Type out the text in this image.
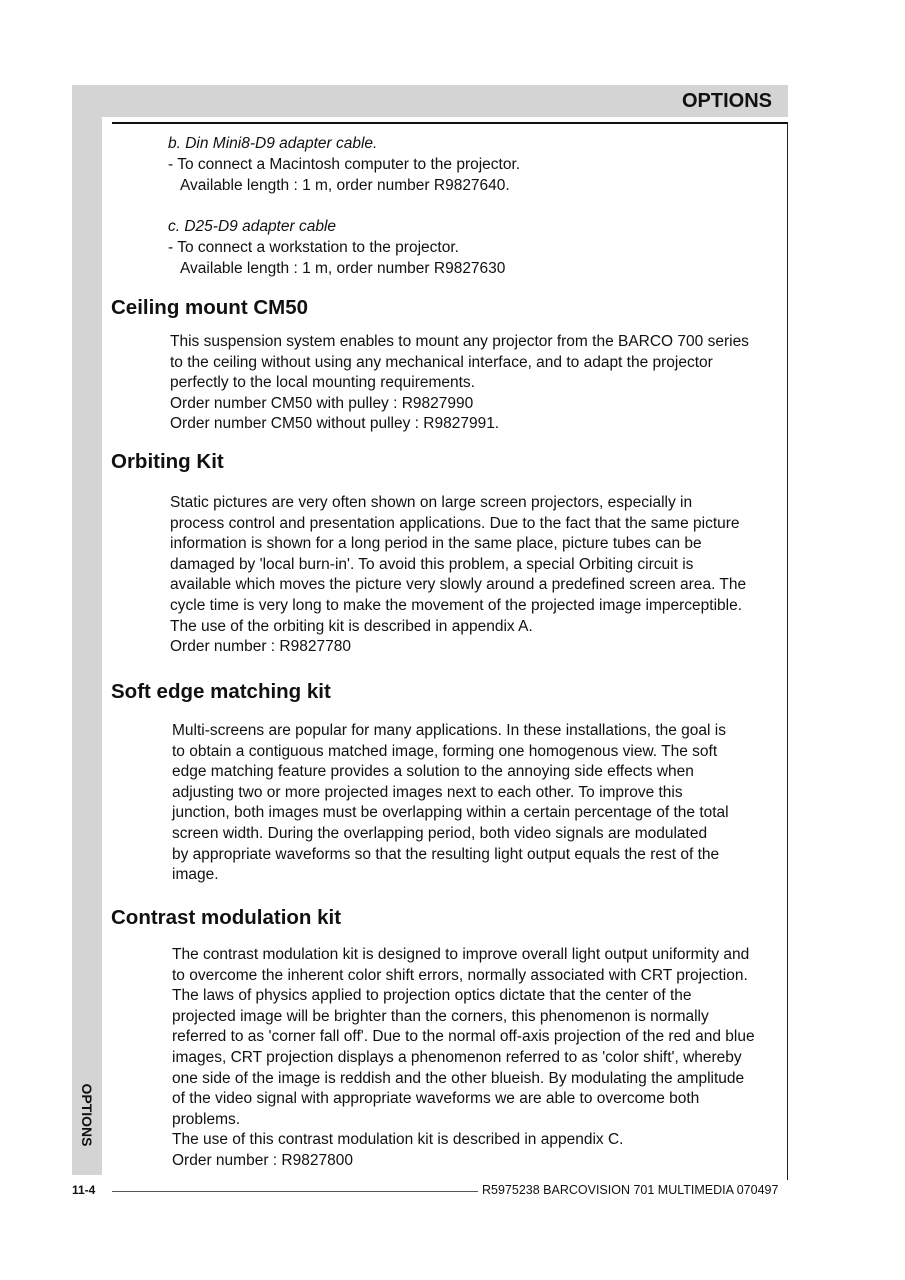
OPTIONS
OPTIONS
b. Din Mini8-D9 adapter cable.
- To connect a Macintosh computer to the projector.
Available length : 1 m, order number R9827640.
c. D25-D9 adapter cable
- To connect a workstation to the projector.
Available length : 1 m, order number R9827630
Ceiling mount CM50
This suspension system enables to mount any projector from the BARCO 700 series
to the ceiling without using any mechanical interface, and to adapt the projector
perfectly to the local mounting requirements.
Order number CM50 with pulley : R9827990
Order number CM50 without pulley : R9827991.
Orbiting Kit
Static pictures are very often shown on large screen projectors, especially in
process control and presentation applications. Due to the fact that the same picture
information is shown for a long period in the same place, picture tubes can be
damaged by 'local burn-in'. To avoid this problem, a special Orbiting circuit is
available which moves the picture very slowly around a predefined screen area. The
cycle time is very long to make the movement of the projected image imperceptible.
The use of the orbiting kit is described in appendix A.
Order number : R9827780
Soft edge matching kit
Multi-screens are popular for many applications. In these installations, the goal is
to obtain a contiguous matched image, forming one homogenous view. The soft
edge matching feature provides a solution to the annoying side effects when
adjusting two or more projected images next to each other. To improve this
junction, both images must be overlapping within a certain percentage of the total
screen width. During the overlapping period, both video signals are modulated
by appropriate waveforms so that the resulting light output equals the rest of the
image.
Contrast modulation kit
The contrast modulation kit is designed to improve overall light output uniformity and
to overcome the inherent color shift errors, normally associated with CRT projection.
The laws of physics applied to projection optics dictate that the center of the
projected image will be brighter than the corners, this phenomenon is normally
referred to as 'corner fall off'. Due to the normal off-axis projection of the red and blue
images, CRT projection displays a phenomenon referred to as 'color shift', whereby
one side of the image is reddish and the other blueish. By modulating the amplitude
of the video signal with appropriate waveforms we are able to overcome both
problems.
The use of this contrast modulation kit is described in appendix C.
Order number : R9827800
11-4	R5975238 BARCOVISION 701 MULTIMEDIA 070497
